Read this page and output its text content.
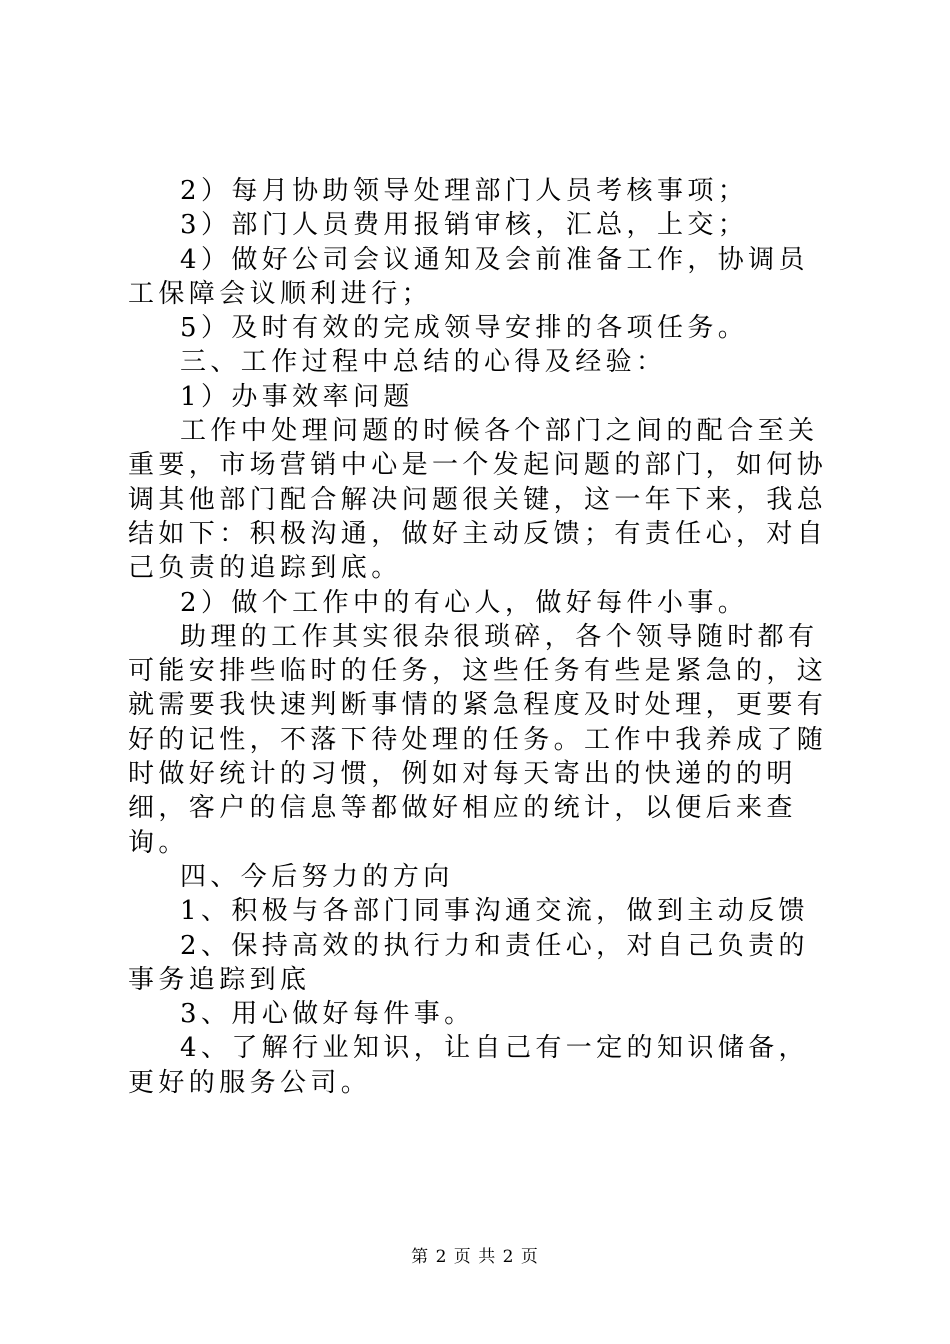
2）每月协助领导处理部门人员考核事项；

3）部门人员费用报销审核，汇总，上交；

4）做好公司会议通知及会前准备工作，协调员工保障会议顺利进行；

5）及时有效的完成领导安排的各项任务。

三、工作过程中总结的心得及经验：

1）办事效率问题

工作中处理问题的时候各个部门之间的配合至关重要，市场营销中心是一个发起问题的部门，如何协调其他部门配合解决问题很关键，这一年下来，我总结如下：积极沟通，做好主动反馈；有责任心，对自己负责的追踪到底。

2）做个工作中的有心人，做好每件小事。

助理的工作其实很杂很琐碎，各个领导随时都有可能安排些临时的任务，这些任务有些是紧急的，这就需要我快速判断事情的紧急程度及时处理，更要有好的记性，不落下待处理的任务。工作中我养成了随时做好统计的习惯，例如对每天寄出的快递的的明细，客户的信息等都做好相应的统计，以便后来查询。

四、今后努力的方向

1、积极与各部门同事沟通交流，做到主动反馈

2、保持高效的执行力和责任心，对自己负责的事务追踪到底

3、用心做好每件事。

4、了解行业知识，让自己有一定的知识储备，更好的服务公司。

第 2 页 共 2 页
